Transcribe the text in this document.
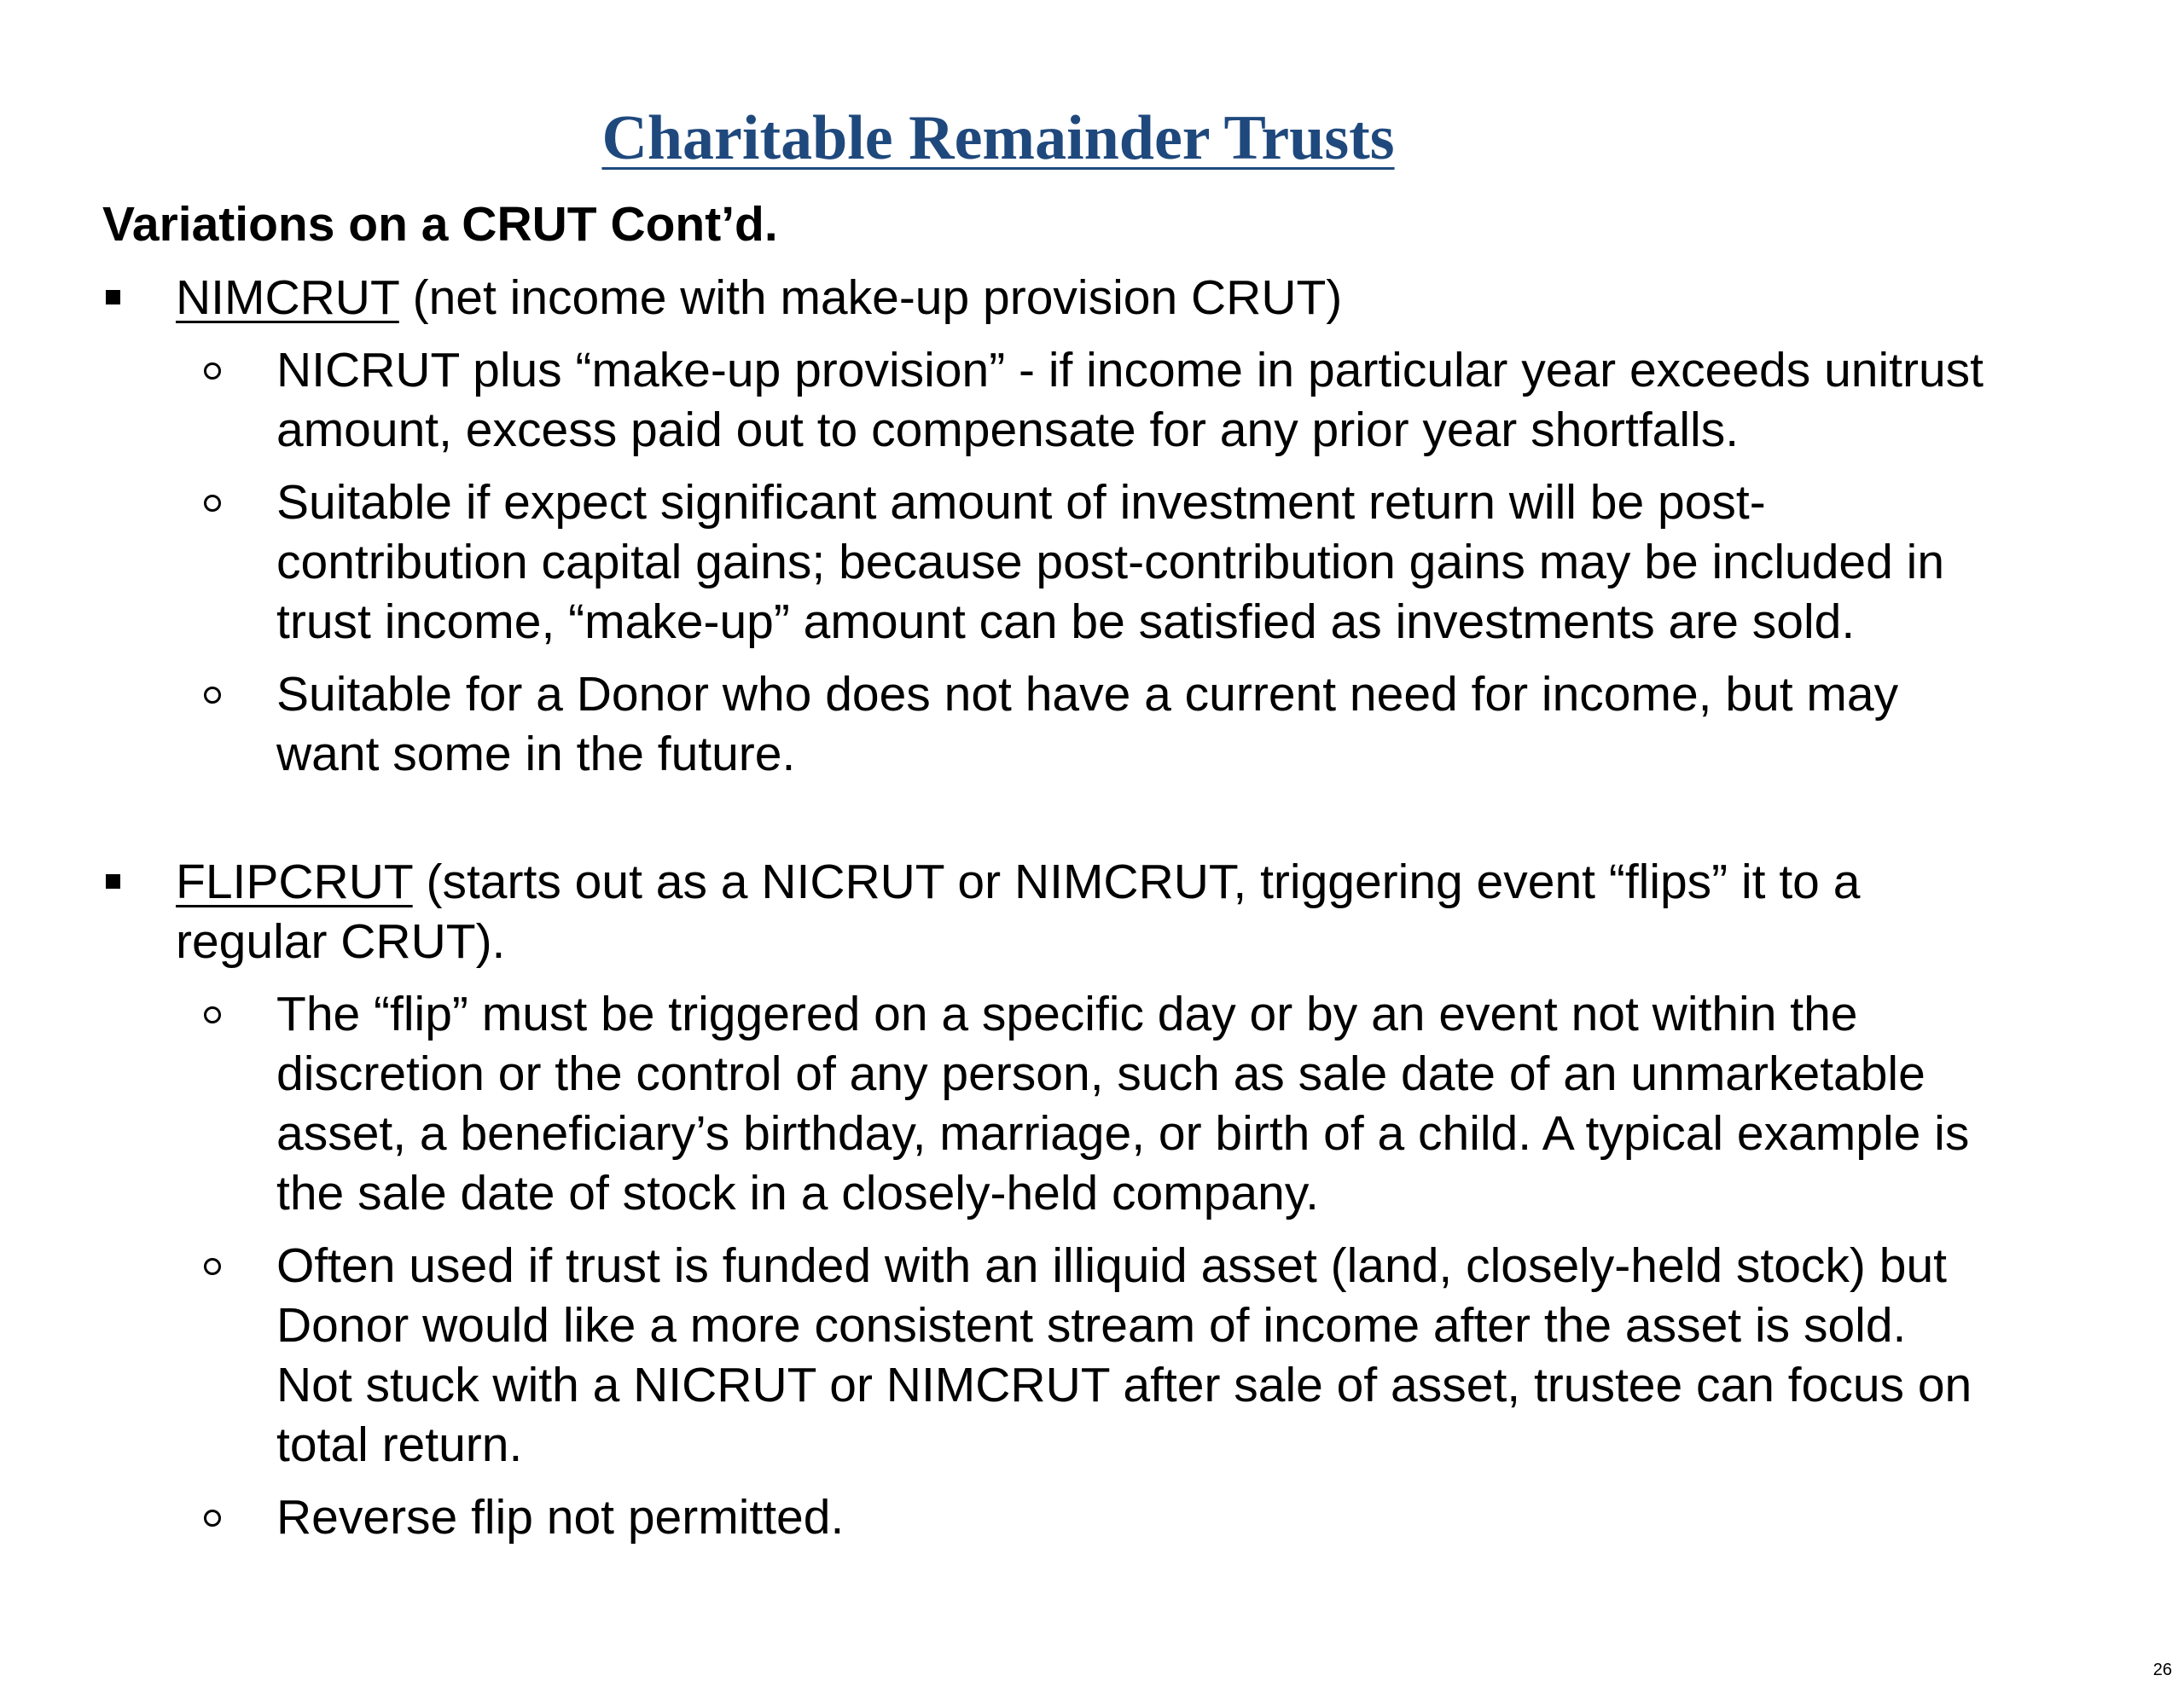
Charitable Remainder Trusts
Variations on a CRUT Cont’d.
NIMCRUT (net income with make-up provision CRUT)
NICRUT plus “make-up provision” - if income in particular year exceeds unitrust amount, excess paid out to compensate for any prior year shortfalls.
Suitable if expect significant amount of investment return will be post-contribution capital gains; because post-contribution gains may be included in trust income, “make-up” amount can be satisfied as investments are sold.
Suitable for a Donor who does not have a current need for income, but may want some in the future.
FLIPCRUT (starts out as a NICRUT or NIMCRUT, triggering event “flips” it to a regular CRUT).
The “flip” must be triggered on a specific day or by an event not within the discretion or the control of any person, such as sale date of an unmarketable asset, a beneficiary’s birthday, marriage, or birth of a child. A typical example is the sale date of stock in a closely-held company.
Often used if trust is funded with an illiquid asset (land, closely-held stock) but Donor would like a more consistent stream of income after the asset is sold. Not stuck with a NICRUT or NIMCRUT after sale of asset, trustee can focus on total return.
Reverse flip not permitted.
26
